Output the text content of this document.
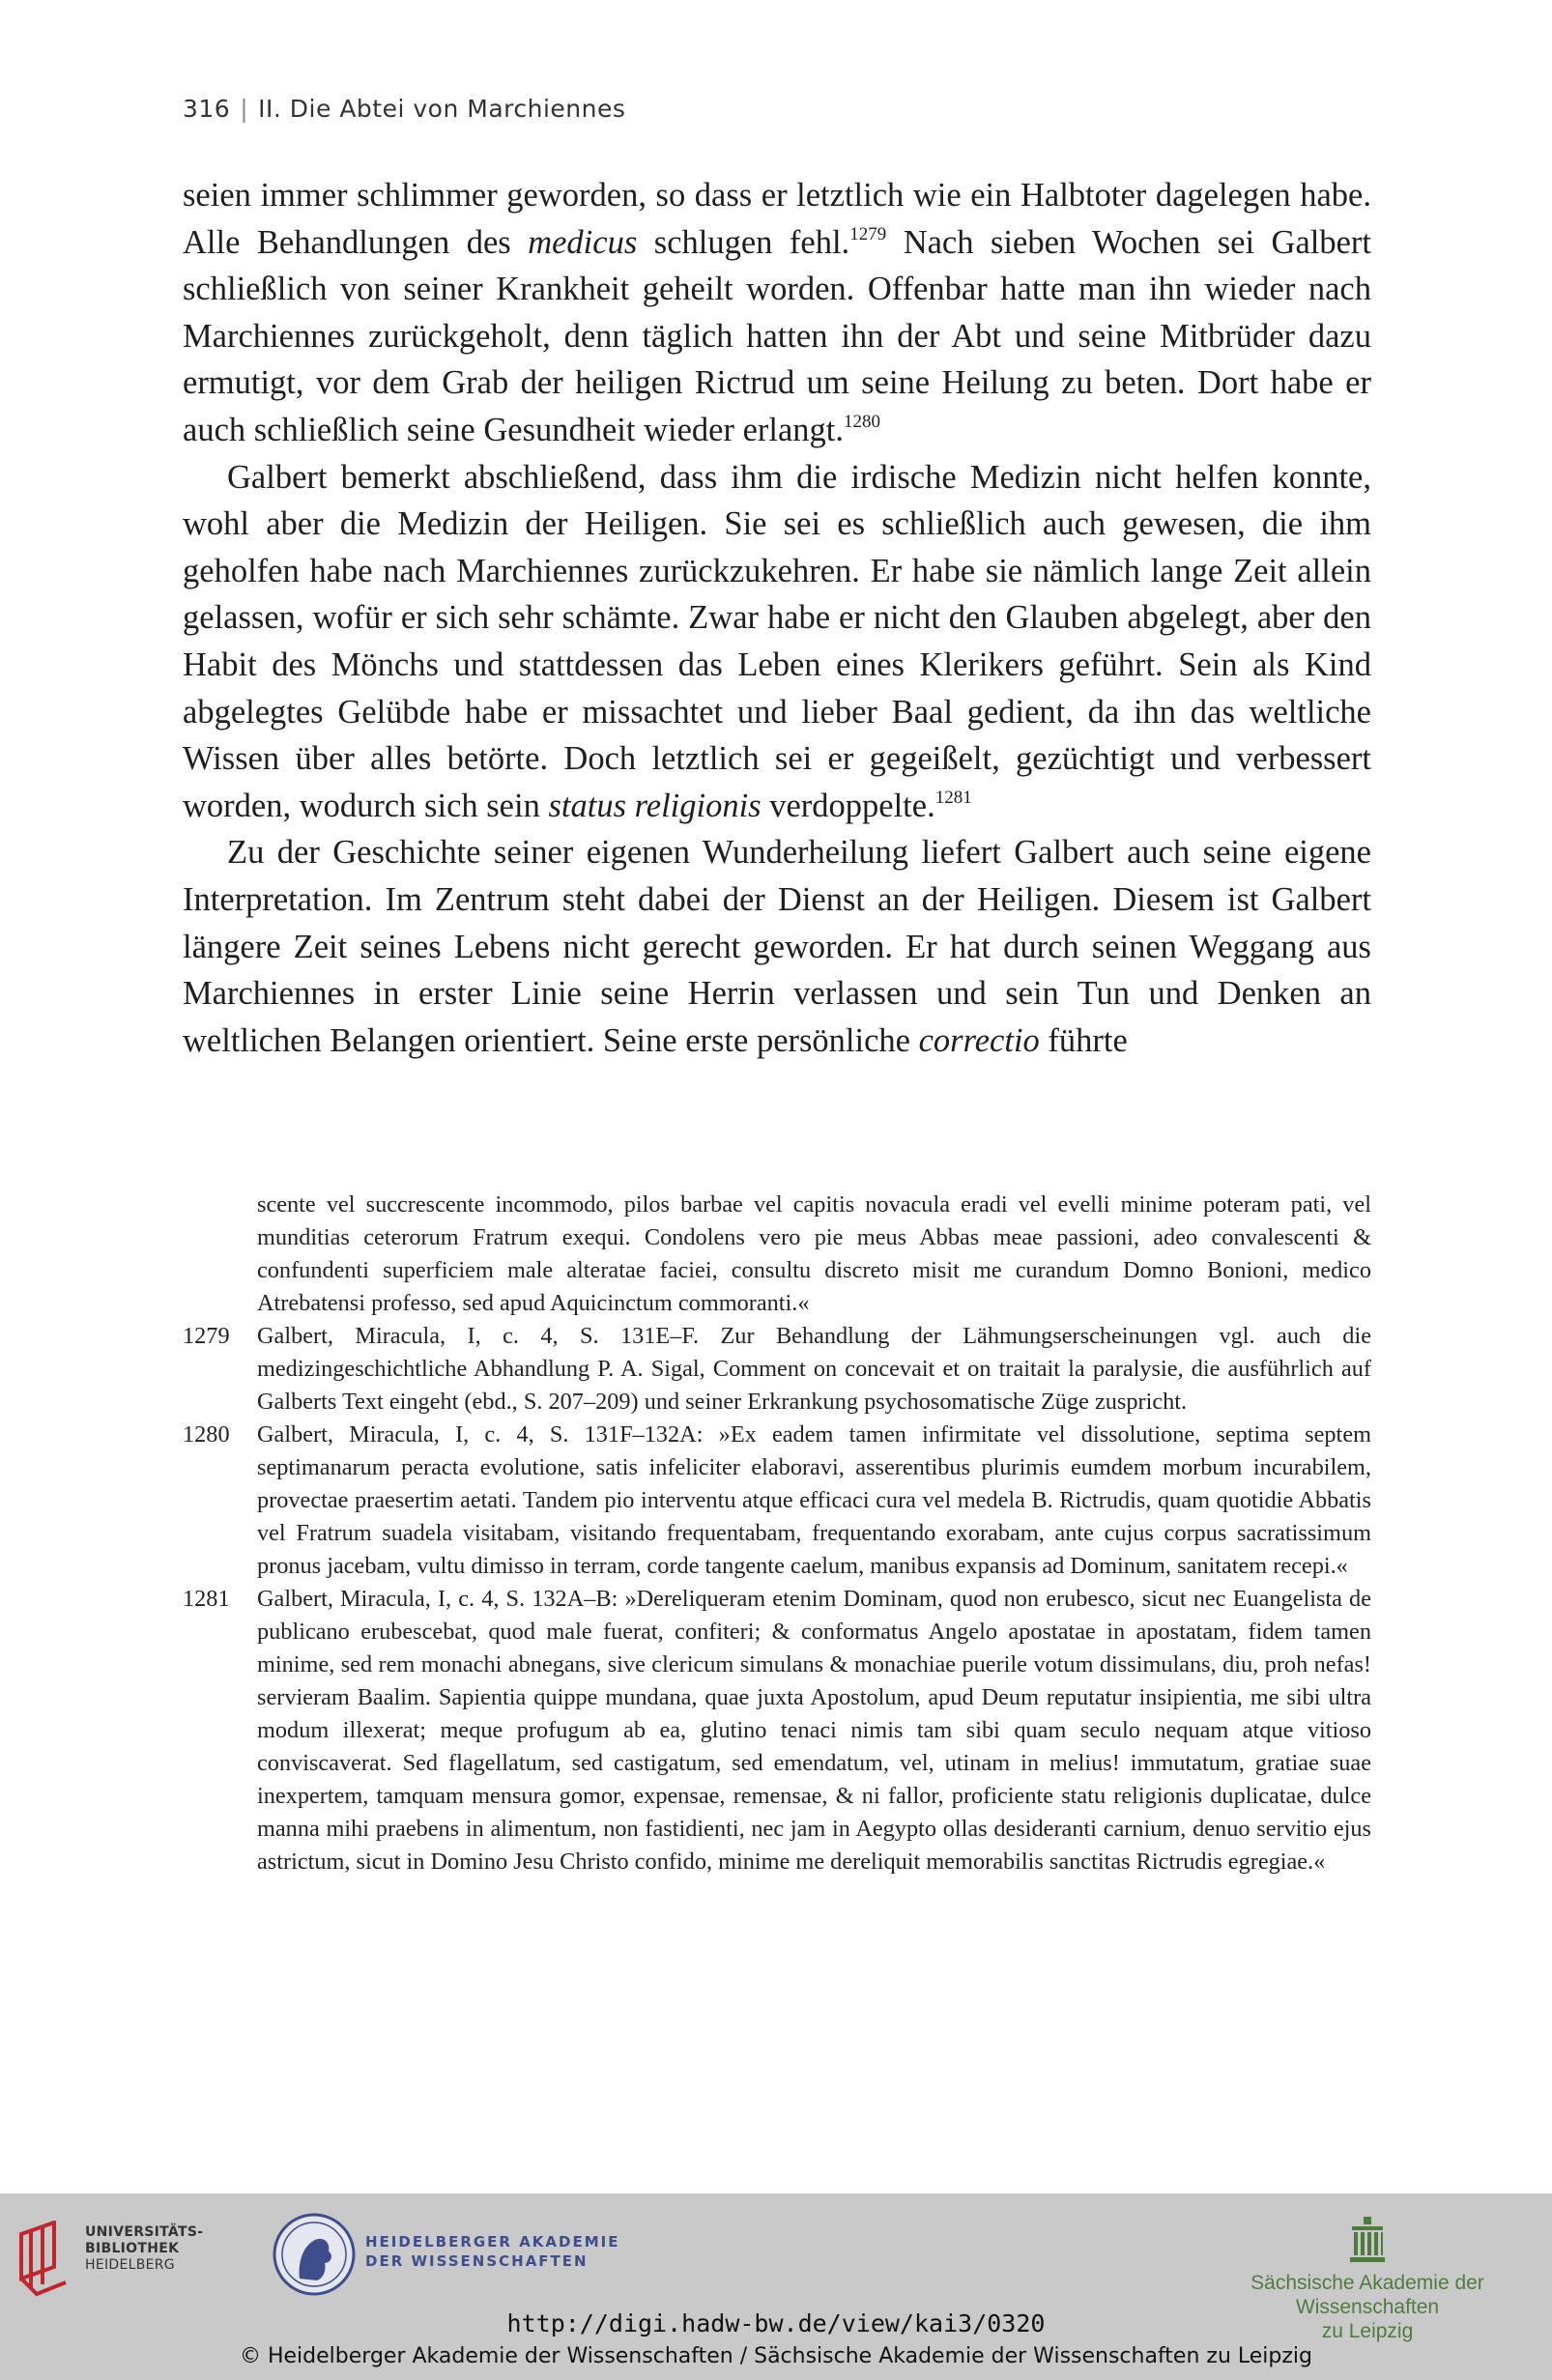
316 | II. Die Abtei von Marchiennes

seien immer schlimmer geworden, so dass er letztlich wie ein Halbtoter dagelegen habe. Alle Behandlungen des medicus schlugen fehl.$^{1279}$ Nach sieben Wochen sei Galbert schließlich von seiner Krankheit geheilt worden. Offenbar hatte man ihn wieder nach Marchiennes zurückgeholt, denn täglich hatten ihn der Abt und seine Mitbrüder dazu ermutigt, vor dem Grab der heiligen Rictrud um seine Heilung zu beten. Dort habe er auch schließlich seine Gesundheit wieder erlangt.$^{1280}$

Galbert bemerkt abschließend, dass ihm die irdische Medizin nicht helfen konnte, wohl aber die Medizin der Heiligen. Sie sei es schließlich auch gewesen, die ihm geholfen habe nach Marchiennes zurückzukehren. Er habe sie nämlich lange Zeit allein gelassen, wofür er sich sehr schämte. Zwar habe er nicht den Glauben abgelegt, aber den Habit des Mönchs und stattdessen das Leben eines Klerikers geführt. Sein als Kind abgelegtes Gelübde habe er missachtet und lieber Baal gedient, da ihn das weltliche Wissen über alles betörte. Doch letztlich sei er gegeißelt, gezüchtigt und verbessert worden, wodurch sich sein status religionis verdoppelte.$^{1281}$

Zu der Geschichte seiner eigenen Wunderheilung liefert Galbert auch seine eigene Interpretation. Im Zentrum steht dabei der Dienst an der Heiligen. Diesem ist Galbert längere Zeit seines Lebens nicht gerecht geworden. Er hat durch seinen Weggang aus Marchiennes in erster Linie seine Herrin verlassen und sein Tun und Denken an weltlichen Belangen orientiert. Seine erste persönliche correctio führte

scente vel succrescente incommodo, pilos barbae vel capitis novacula eradi vel evelli minime poteram pati, vel munditias ceterorum Fratrum exequi. Condolens vero pie meus Abbas meae passioni, adeo convalescenti & confundenti superficiem male alteratae faciei, consultu discreto misit me curandum Domno Bonioni, medico Atrebatensi professo, sed apud Aquicinctum commoranti.«
1279	Galbert, Miracula, I, c. 4, S. 131E–F. Zur Behandlung der Lähmungserscheinungen vgl. auch die medizingeschichtliche Abhandlung P. A. Sigal, Comment on concevait et on traitait la paralysie, die ausführlich auf Galberts Text eingeht (ebd., S. 207–209) und seiner Erkrankung psychosomatische Züge zuspricht.
1280	Galbert, Miracula, I, c. 4, S. 131F–132A: »Ex eadem tamen infirmitate vel dissolutione, septima septem septimanarum peracta evolutione, satis infeliciter elaboravi, asserentibus plurimis eumdem morbum incurabilem, provectae praesertim aetati. Tandem pio interventu atque efficaci cura vel medela B. Rictrudis, quam quotidie Abbatis vel Fratrum suadela visitabam, visitando frequentabam, frequentando exorabam, ante cujus corpus sacratissimum pronus jacebam, vultu dimisso in terram, corde tangente caelum, manibus expansis ad Dominum, sanitatem recepi.«
1281	Galbert, Miracula, I, c. 4, S. 132A–B: »Dereliqueram etenim Dominam, quod non erubesco, sicut nec Euangelista de publicano erubescebat, quod male fuerat, confiteri; & conformatus Angelo apostatae in apostatam, fidem tamen minime, sed rem monachi abnegans, sive clericum simulans & monachiae puerile votum dissimulans, diu, proh nefas! servieram Baalim. Sapientia quippe mundana, quae juxta Apostolum, apud Deum reputatur insipientia, me sibi ultra modum illexerat; meque profugum ab ea, glutino tenaci nimis tam sibi quam seculo nequam atque vitioso conviscaverat. Sed flagellatum, sed castigatum, sed emendatum, vel, utinam in melius! immutatum, gratiae suae inexpertem, tamquam mensura gomor, expensae, remensae, & ni fallor, proficiente statu religionis duplicatae, dulce manna mihi praebens in alimentum, non fastidienti, nec jam in Aegypto ollas desideranti carnium, denuo servitio ejus astrictum, sicut in Domino Jesu Christo confido, minime me dereliquit memorabilis sanctitas Rictrudis egregiae.«
UNIVERSITÄTS-
BIBLIOTHEK
HEIDELBERG
HEIDELBERGER AKADEMIE
DER WISSENSCHAFTEN
Sächsische Akademie der Wissenschaften
zu Leipzig
http://digi.hadw-bw.de/view/kai3/0320
© Heidelberger Akademie der Wissenschaften / Sächsische Akademie der Wissenschaften zu Leipzig
